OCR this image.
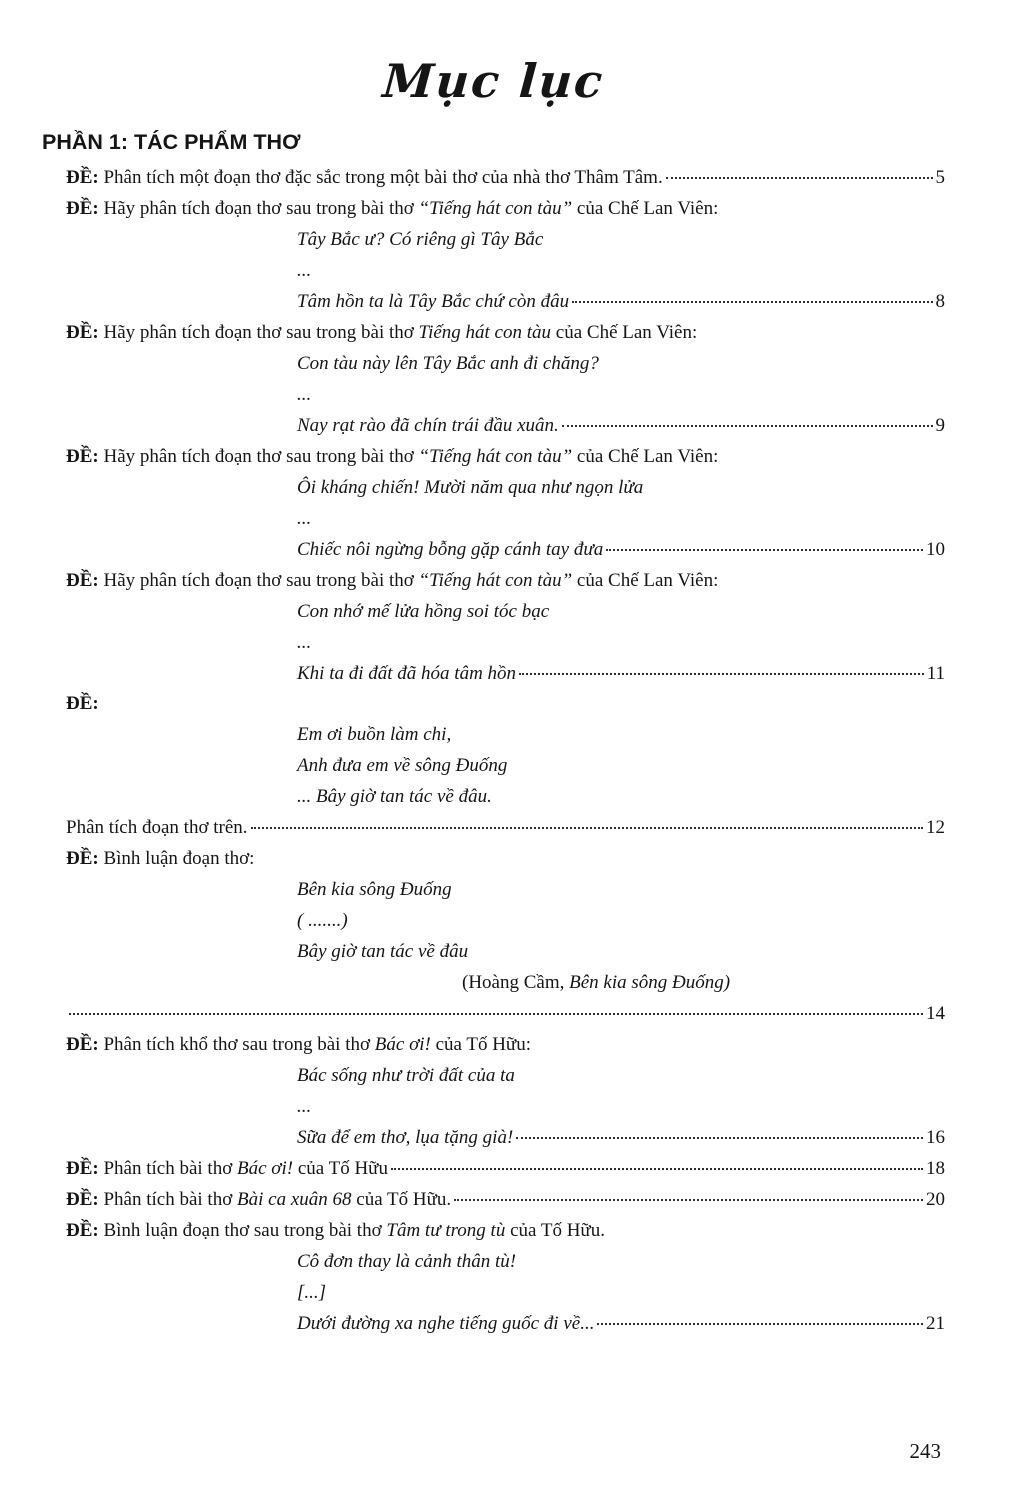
Mục lục
PHẦN 1: TÁC PHẨM THƠ
ĐỀ: Phân tích một đoạn thơ đặc sắc trong một bài thơ của nhà thơ Thâm Tâm.	5
ĐỀ: Hãy phân tích đoạn thơ sau trong bài thơ “Tiếng hát con tàu” của Chế Lan Viên:
Tây Bắc ư? Có riêng gì Tây Bắc
...
Tâm hồn ta là Tây Bắc chứ còn đâu	8
ĐỀ: Hãy phân tích đoạn thơ sau trong bài thơ Tiếng hát con tàu của Chế Lan Viên:
Con tàu này lên Tây Bắc anh đi chăng?
...
Nay rạt rào đã chín trái đầu xuân.	9
ĐỀ: Hãy phân tích đoạn thơ sau trong bài thơ “Tiếng hát con tàu” của Chế Lan Viên:
Ôi kháng chiến! Mười năm qua như ngọn lửa
...
Chiếc nôi ngừng bỗng gặp cánh tay đưa	10
ĐỀ: Hãy phân tích đoạn thơ sau trong bài thơ “Tiếng hát con tàu” của Chế Lan Viên:
Con nhớ mế lửa hồng soi tóc bạc
...
Khi ta đi đất đã hóa tâm hồn	11
ĐỀ:
Em ơi buồn làm chi,
Anh đưa em về sông Đuống
... Bây giờ tan tác về đâu.
Phân tích đoạn thơ trên.	12
ĐỀ: Bình luận đoạn thơ:
Bên kia sông Đuống
( .......)
Bây giờ tan tác về đâu
(Hoàng Cầm, Bên kia sông Đuống)
14
ĐỀ: Phân tích khổ thơ sau trong bài thơ Bác ơi! của Tố Hữu:
Bác sống như trời đất của ta
...
Sữa để em thơ, lụa tặng già!	16
ĐỀ: Phân tích bài thơ Bác ơi! của Tố Hữu	18
ĐỀ: Phân tích bài thơ Bài ca xuân 68 của Tố Hữu.	20
ĐỀ: Bình luận đoạn thơ sau trong bài thơ Tâm tư trong tù của Tố Hữu.
Cô đơn thay là cảnh thân tù!
[...]
Dưới đường xa nghe tiếng guốc đi về...	21
243
